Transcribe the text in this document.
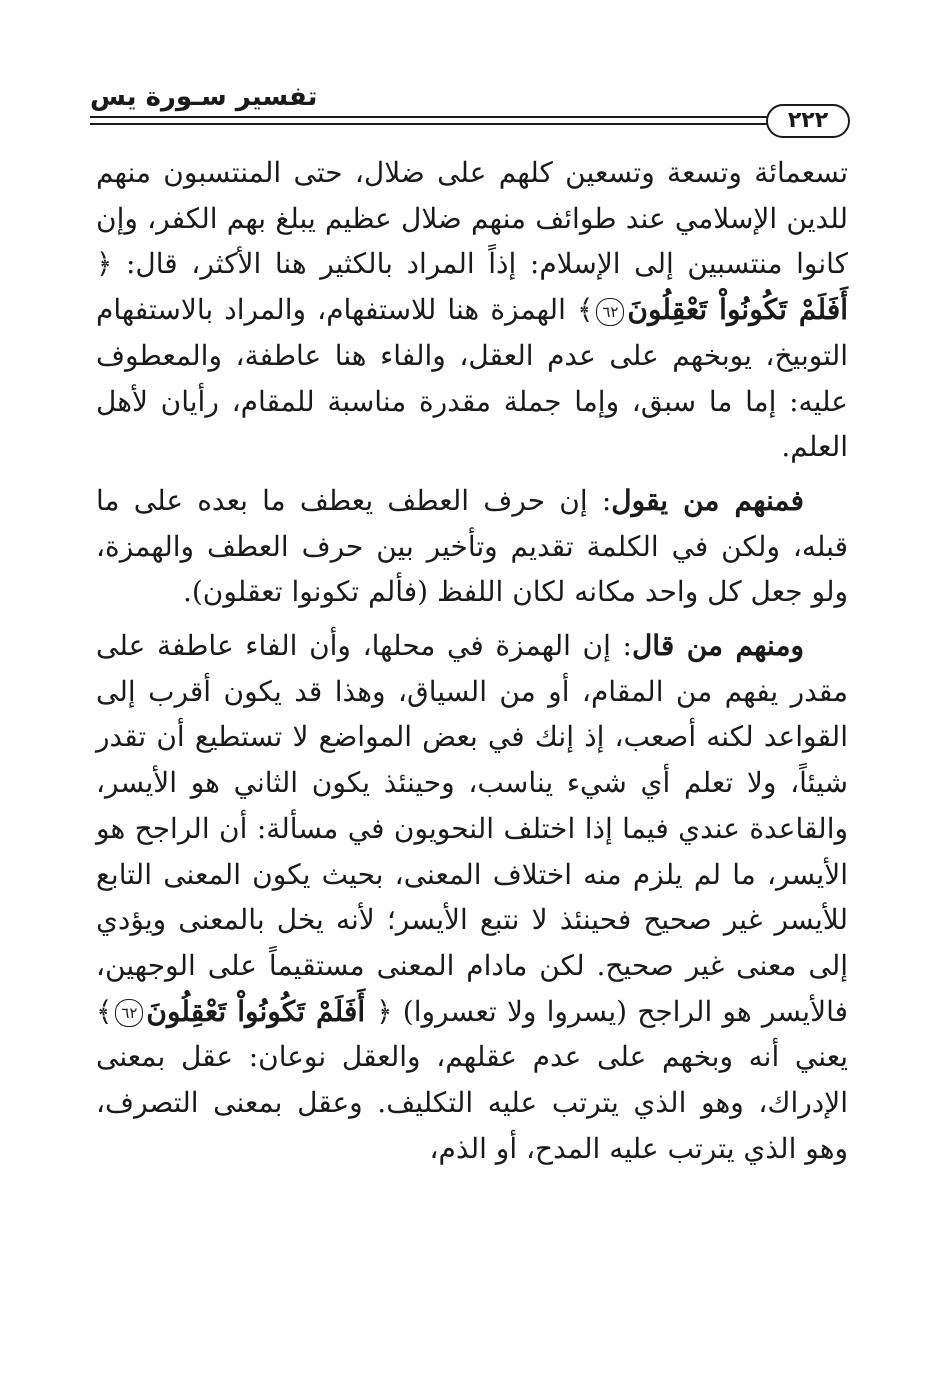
تفسير سـورة يس
٢٢٢

تسعمائة وتسعة وتسعين كلهم على ضلال، حتى المنتسبون منهم للدين الإسلامي عند طوائف منهم ضلال عظيم يبلغ بهم الكفر، وإن كانوا منتسبين إلى الإسلام: إذاً المراد بالكثير هنا الأكثر، قال: ﴿ أَفَلَمْ تَكُونُواْ تَعْقِلُونَ٦٢﴾ الهمزة هنا للاستفهام، والمراد بالاستفهام التوبيخ، يوبخهم على عدم العقل، والفاء هنا عاطفة، والمعطوف عليه: إما ما سبق، وإما جملة مقدرة مناسبة للمقام، رأيان لأهل العلم.

فمنهم من يقول: إن حرف العطف يعطف ما بعده على ما قبله، ولكن في الكلمة تقديم وتأخير بين حرف العطف والهمزة، ولو جعل كل واحد مكانه لكان اللفظ (فألم تكونوا تعقلون).

ومنهم من قال: إن الهمزة في محلها، وأن الفاء عاطفة على مقدر يفهم من المقام، أو من السياق، وهذا قد يكون أقرب إلى القواعد لكنه أصعب، إذ إنك في بعض المواضع لا تستطيع أن تقدر شيئاً، ولا تعلم أي شيء يناسب، وحينئذ يكون الثاني هو الأيسر، والقاعدة عندي فيما إذا اختلف النحويون في مسألة: أن الراجح هو الأيسر، ما لم يلزم منه اختلاف المعنى، بحيث يكون المعنى التابع للأيسر غير صحيح فحينئذ لا نتبع الأيسر؛ لأنه يخل بالمعنى ويؤدي إلى معنى غير صحيح. لكن مادام المعنى مستقيماً على الوجهين، فالأيسر هو الراجح (يسروا ولا تعسروا) ﴿ أَفَلَمْ تَكُونُواْ تَعْقِلُونَ٦٢﴾ يعني أنه وبخهم على عدم عقلهم، والعقل نوعان: عقل بمعنى الإدراك، وهو الذي يترتب عليه التكليف. وعقل بمعنى التصرف، وهو الذي يترتب عليه المدح، أو الذم،
